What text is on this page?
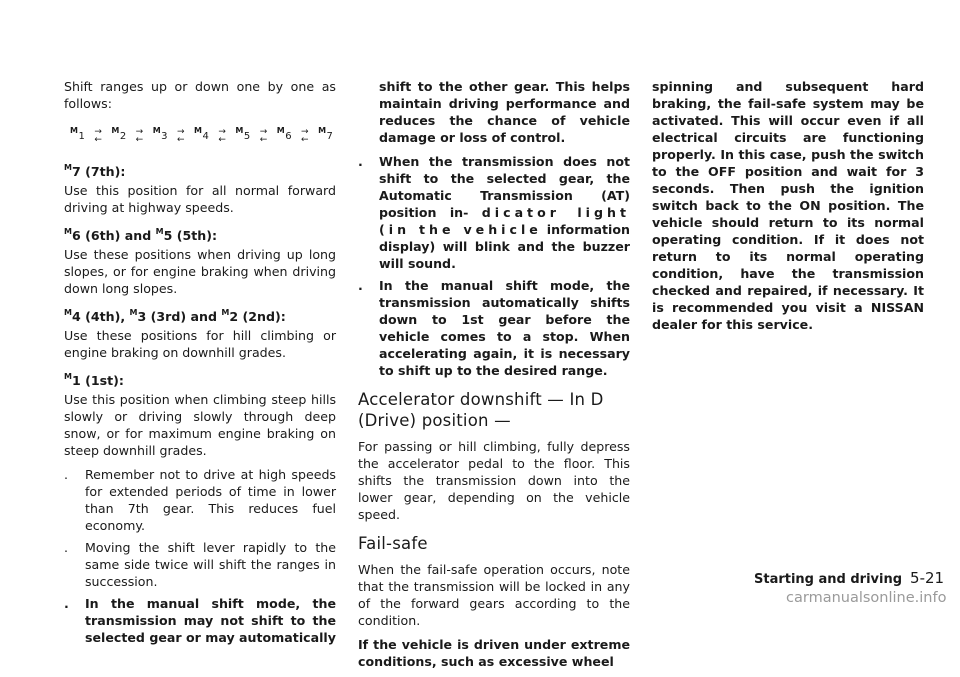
Shift ranges up or down one by one as follows:

$^M$1 →
←
$^M$2 →
←
$^M$3 →
←
$^M$4 →
←
$^M$5 →
←
$^M$6 →
←
$^M$7
$^M$7 (7th):

Use this position for all normal forward driving at highway speeds.

$^M$6 (6th) and $^M$5 (5th):

Use these positions when driving up long slopes, or for engine braking when driving down long slopes.

$^M$4 (4th), $^M$3 (3rd) and $^M$2 (2nd):

Use these positions for hill climbing or engine braking on downhill grades.

$^M$1 (1st):

Use this position when climbing steep hills slowly or driving slowly through deep snow, or for maximum engine braking on steep downhill grades.

. Remember not to drive at high speeds for extended periods of time in lower than 7th gear. This reduces fuel economy.
. Moving the shift lever rapidly to the same side twice will shift the ranges in succession.
. In the manual shift mode, the transmission may not shift to the selected gear or may automatically

shift to the other gear. This helps maintain driving performance and reduces the chance of vehicle damage or loss of control.

. When the transmission does not shift to the selected gear, the Automatic Transmission (AT) position in- dicator light (in the vehicle information display) will blink and the buzzer will sound.
. In the manual shift mode, the transmission automatically shifts down to 1st gear before the vehicle comes to a stop. When accelerating again, it is necessary to shift up to the desired range.
Accelerator downshift — In D (Drive) position —

For passing or hill climbing, fully depress the accelerator pedal to the floor. This shifts the transmission down into the lower gear, depending on the vehicle speed.

Fail-safe

When the fail-safe operation occurs, note that the transmission will be locked in any of the forward gears according to the condition.

If the vehicle is driven under extreme conditions, such as excessive wheel

spinning and subsequent hard braking, the fail-safe system may be activated. This will occur even if all electrical circuits are functioning properly. In this case, push the switch to the OFF position and wait for 3 seconds. Then push the ignition switch back to the ON position. The vehicle should return to its normal operating condition. If it does not return to its normal operating condition, have the transmission checked and repaired, if necessary. It is recommended you visit a NISSAN dealer for this service.

Starting and driving 5-21
carmanualsonline.info
